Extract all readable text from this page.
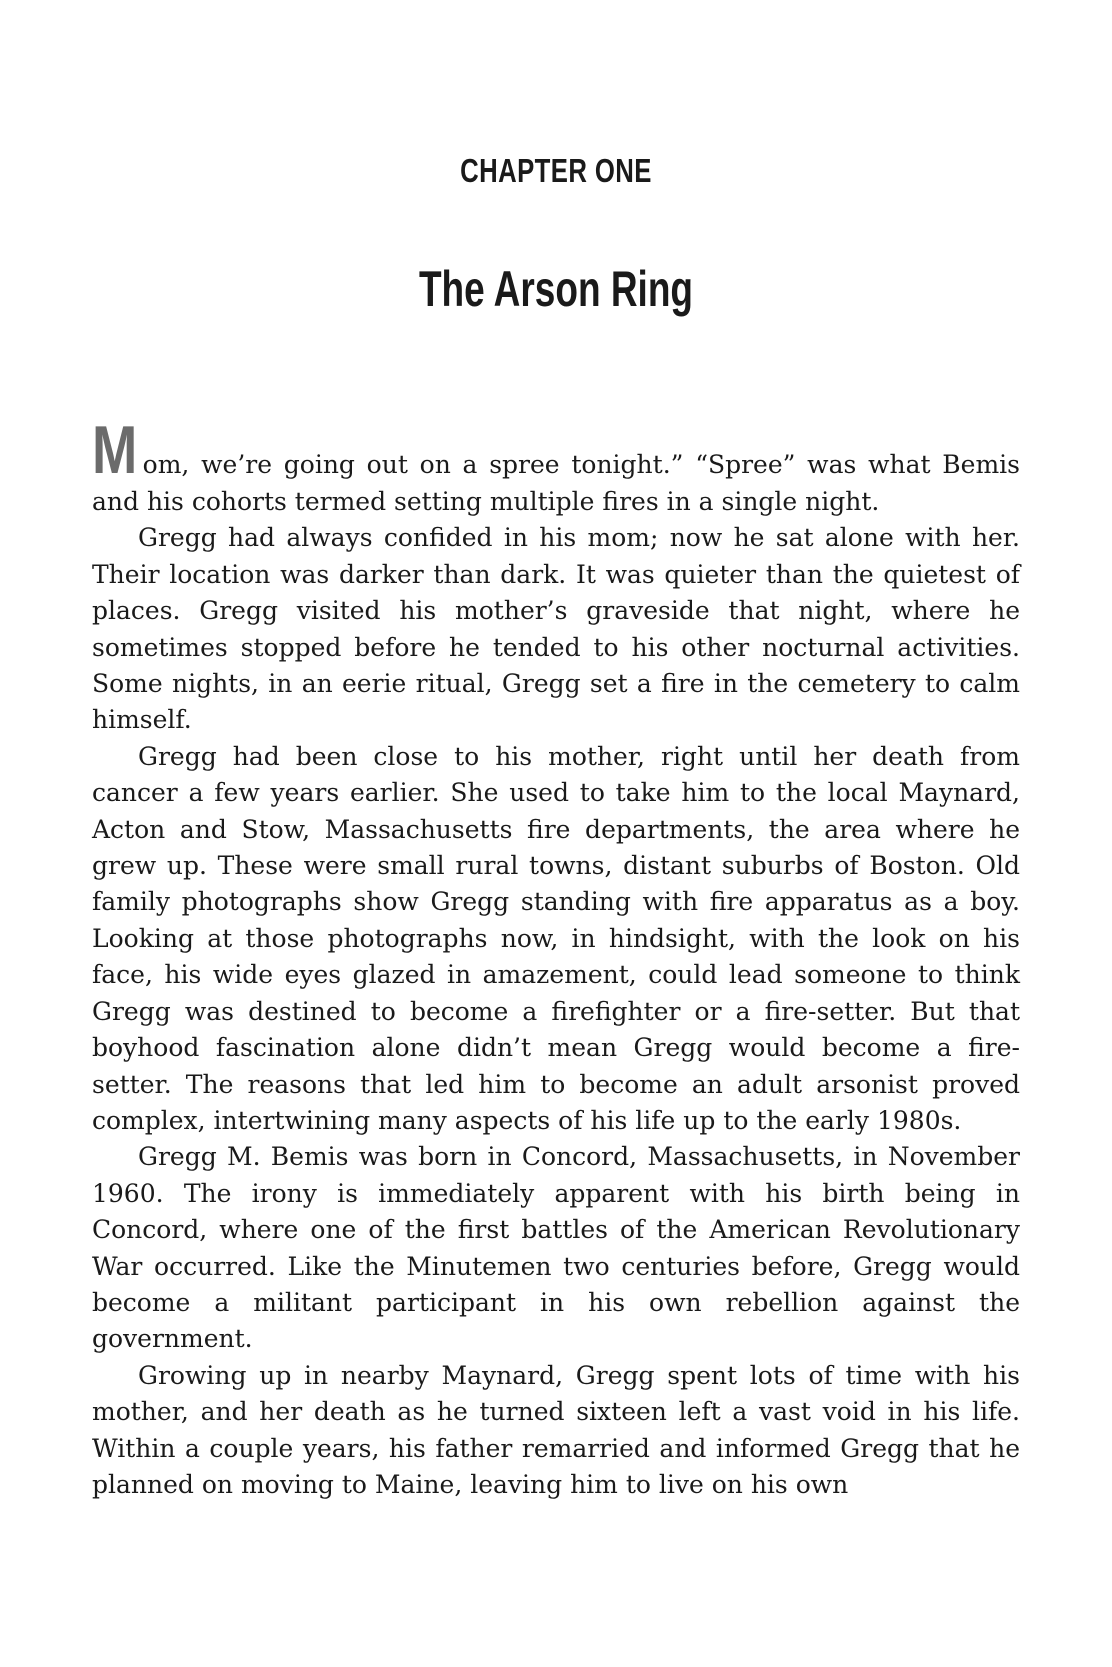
CHAPTER ONE
The Arson Ring

Mom, we’re going out on a spree tonight.” “Spree” was what Bemis and his cohorts termed setting multiple fires in a single night.

Gregg had always confided in his mom; now he sat alone with her. Their location was darker than dark. It was quieter than the quietest of places. Gregg visited his mother’s graveside that night, where he sometimes stopped before he tended to his other nocturnal activities. Some nights, in an eerie ritual, Gregg set a fire in the cemetery to calm himself.

Gregg had been close to his mother, right until her death from cancer a few years earlier. She used to take him to the local Maynard, Acton and Stow, Massachusetts fire departments, the area where he grew up. These were small rural towns, distant suburbs of Boston. Old family photographs show Gregg standing with fire apparatus as a boy. Looking at those photographs now, in hindsight, with the look on his face, his wide eyes glazed in amazement, could lead someone to think Gregg was destined to become a firefighter or a fire-setter. But that boyhood fascination alone didn’t mean Gregg would become a fire-setter. The reasons that led him to become an adult arsonist proved complex, intertwining many aspects of his life up to the early 1980s.

Gregg M. Bemis was born in Concord, Massachusetts, in November 1960. The irony is immediately apparent with his birth being in Concord, where one of the first battles of the American Revolutionary War occurred. Like the Minutemen two centuries before, Gregg would become a militant participant in his own rebellion against the government.

Growing up in nearby Maynard, Gregg spent lots of time with his mother, and her death as he turned sixteen left a vast void in his life. Within a couple years, his father remarried and informed Gregg that he planned on moving to Maine, leaving him to live on his own
